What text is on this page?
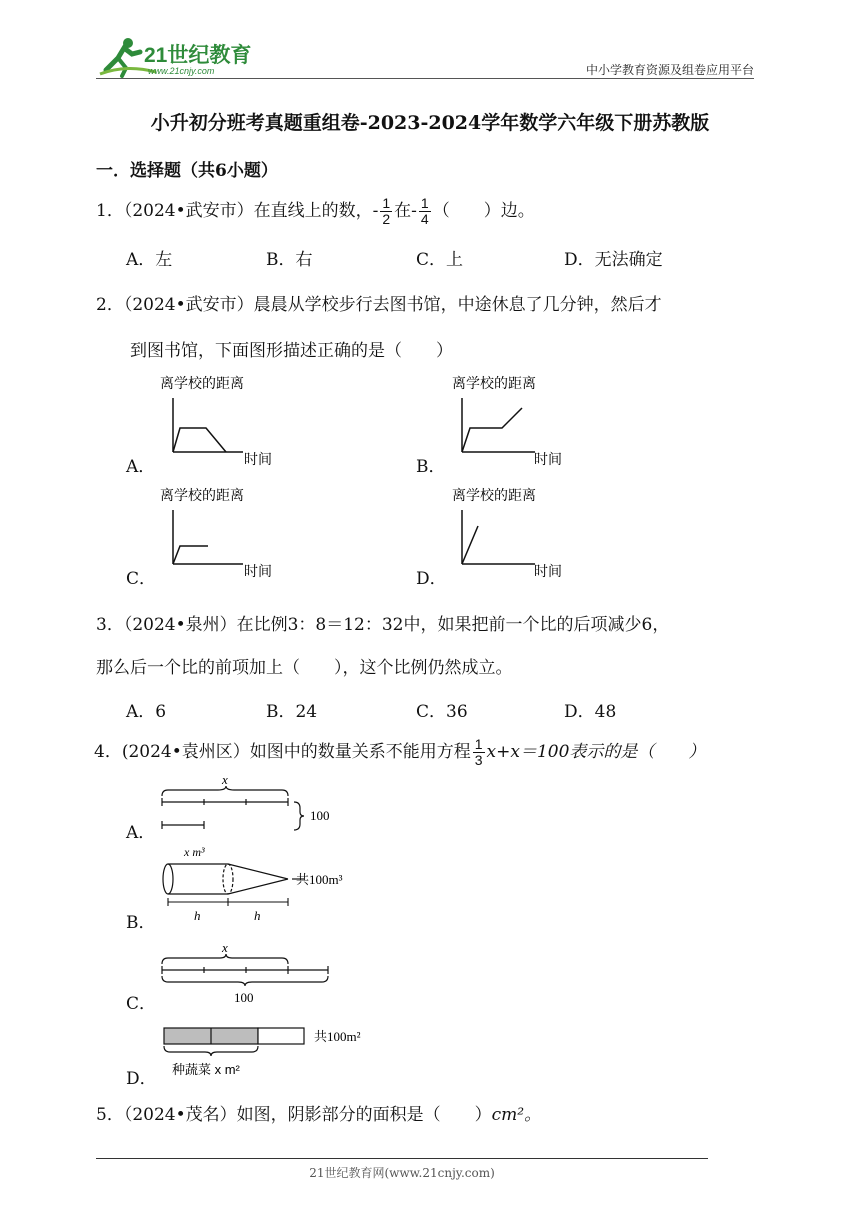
21世纪教育
www.21cnjy.com	中小学教育资源及组卷应用平台
小升初分班考真题重组卷-2023-2024学年数学六年级下册苏教版
一．选择题（共6小题）
1．（2024•武安市）在直线上的数，- $\frac{1}{2}$ 在- $\frac{1}{4}$ （　　）边。
A．左	B．右	C．上	D．无法确定
2．（2024•武安市）晨晨从学校步行去图书馆，中途休息了几分钟，然后才
到图书馆，下面图形描述正确的是（　　）
A．
离学校的距离
时间	B．
离学校的距离
时间
C．
离学校的距离
时间	D．
离学校的距离
时间
3．（2024•泉州）在比例3：8＝12：32中，如果把前一个比的后项减少6，
那么后一个比的前项加上（　　），这个比例仍然成立。
A．6	B．24	C．36	D．48
4．(2024•袁州区）如图中的数量关系不能用方程 $\frac{1}{3} x+x=100$表示的是（　　）
A．
x
100
B．
x m³
共100m³
h	h
C．
x
100
D．
共100m²
种蔬菜 x m²
5．（2024•茂名）如图，阴影部分的面积是（　　）cm²。
21世纪教育网(www.21cnjy.com)
